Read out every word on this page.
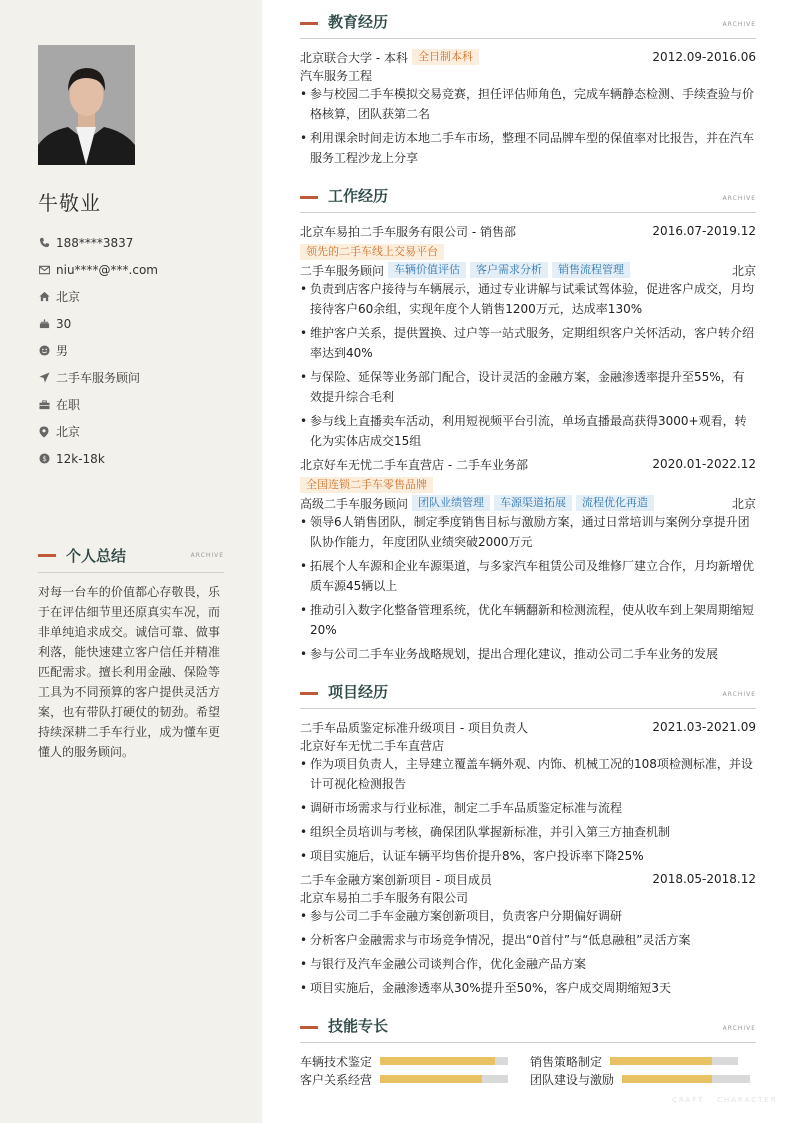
牛敬业
188****3837
niu****@***.com
北京
30
男
二手车服务顾问
在职
北京
$ 12k-18k
个人总结	ARCHIVE
对每一台车的价值都心存敬畏，乐于在评估细节里还原真实车况，而非单纯追求成交。诚信可靠、做事利落，能快速建立客户信任并精准匹配需求。擅长利用金融、保险等工具为不同预算的客户提供灵活方案，也有带队打硬仗的韧劲。希望持续深耕二手车行业，成为懂车更懂人的服务顾问。
教育经历	ARCHIVE
北京联合大学 - 本科 全日制本科	2012.09-2016.06
汽车服务工程
• 参与校园二手车模拟交易竞赛，担任评估师角色，完成车辆静态检测、手续查验与价格核算，团队获第二名
• 利用课余时间走访本地二手车市场，整理不同品牌车型的保值率对比报告，并在汽车服务工程沙龙上分享
工作经历	ARCHIVE
北京车易拍二手车服务有限公司 - 销售部	2016.07-2019.12
领先的二手车线上交易平台
二手车服务顾问 车辆价值评估	客户需求分析	销售流程管理	北京
• 负责到店客户接待与车辆展示，通过专业讲解与试乘试驾体验，促进客户成交，月均接待客户60余组，实现年度个人销售1200万元，达成率130%
• 维护客户关系，提供置换、过户等一站式服务，定期组织客户关怀活动，客户转介绍率达到40%
• 与保险、延保等业务部门配合，设计灵活的金融方案，金融渗透率提升至55%，有效提升综合毛利
• 参与线上直播卖车活动，利用短视频平台引流，单场直播最高获得3000+观看，转化为实体店成交15组
北京好车无忧二手车直营店 - 二手车业务部	2020.01-2022.12
全国连锁二手车零售品牌
高级二手车服务顾问 团队业绩管理	车源渠道拓展	流程优化再造	北京
• 领导6人销售团队，制定季度销售目标与激励方案，通过日常培训与案例分享提升团队协作能力，年度团队业绩突破2000万元
• 拓展个人车源和企业车源渠道，与多家汽车租赁公司及维修厂建立合作，月均新增优质车源45辆以上
• 推动引入数字化整备管理系统，优化车辆翻新和检测流程，使从收车到上架周期缩短20%
• 参与公司二手车业务战略规划，提出合理化建议，推动公司二手车业务的发展
项目经历	ARCHIVE
二手车品质鉴定标准升级项目 - 项目负责人	2021.03-2021.09
北京好车无忧二手车直营店
• 作为项目负责人，主导建立覆盖车辆外观、内饰、机械工况的108项检测标准，并设计可视化检测报告
• 调研市场需求与行业标准，制定二手车品质鉴定标准与流程
• 组织全员培训与考核，确保团队掌握新标准，并引入第三方抽查机制
• 项目实施后，认证车辆平均售价提升8%，客户投诉率下降25%
二手车金融方案创新项目 - 项目成员	2018.05-2018.12
北京车易拍二手车服务有限公司
• 参与公司二手车金融方案创新项目，负责客户分期偏好调研
• 分析客户金融需求与市场竞争情况，提出“0首付”与“低息融租”灵活方案
• 与银行及汽车金融公司谈判合作，优化金融产品方案
• 项目实施后，金融渗透率从30%提升至50%，客户成交周期缩短3天
技能专长	ARCHIVE
车辆技术鉴定	销售策略制定
客户关系经营	团队建设与激励
CRAFT · CHARACTER
